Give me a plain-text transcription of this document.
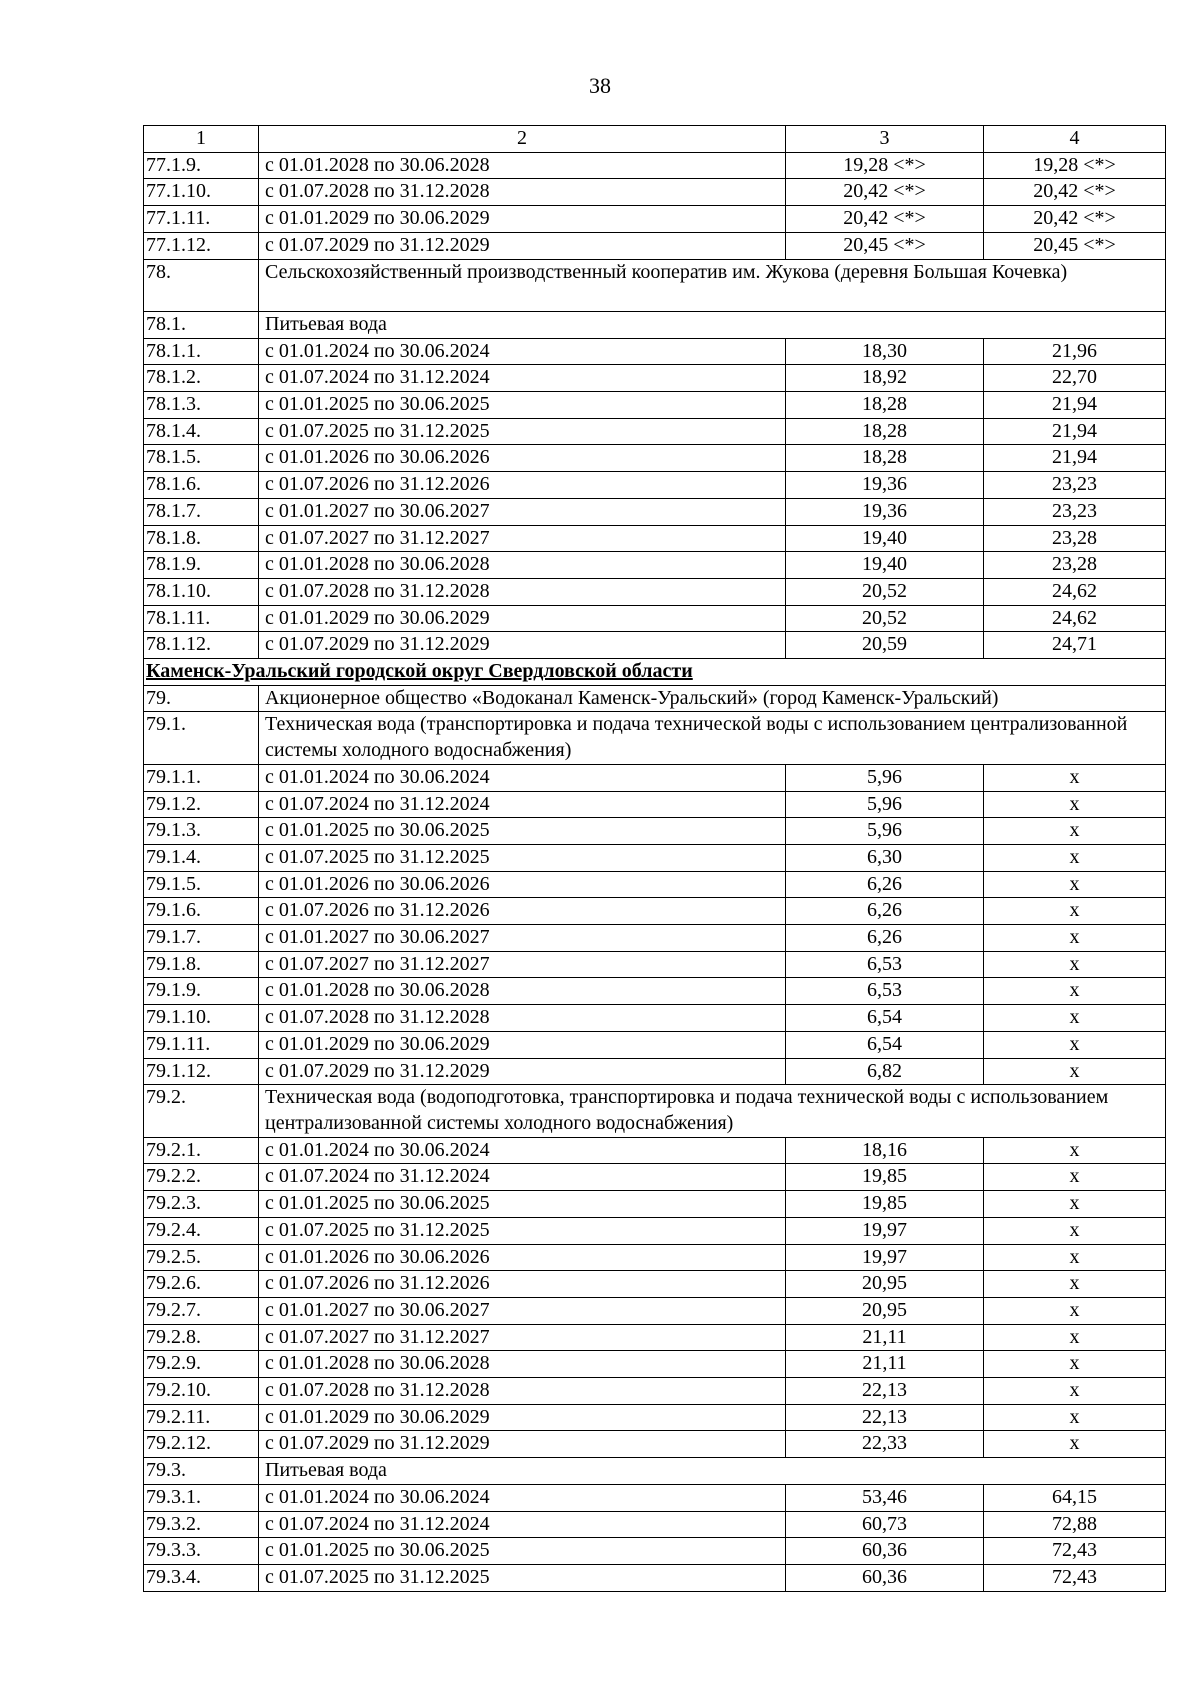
38
1	2	3	4
77.1.9.	с 01.01.2028 по 30.06.2028	19,28 <*>	19,28 <*>
77.1.10.	с 01.07.2028 по 31.12.2028	20,42 <*>	20,42 <*>
77.1.11.	с 01.01.2029 по 30.06.2029	20,42 <*>	20,42 <*>
77.1.12.	с 01.07.2029 по 31.12.2029	20,45 <*>	20,45 <*>
78.	Сельскохозяйственный производственный кооператив им. Жукова (деревня Большая Кочевка)		
78.1.	Питьевая вода		
78.1.1.	с 01.01.2024 по 30.06.2024	18,30	21,96
78.1.2.	с 01.07.2024 по 31.12.2024	18,92	22,70
78.1.3.	с 01.01.2025 по 30.06.2025	18,28	21,94
78.1.4.	с 01.07.2025 по 31.12.2025	18,28	21,94
78.1.5.	с 01.01.2026 по 30.06.2026	18,28	21,94
78.1.6.	с 01.07.2026 по 31.12.2026	19,36	23,23
78.1.7.	с 01.01.2027 по 30.06.2027	19,36	23,23
78.1.8.	с 01.07.2027 по 31.12.2027	19,40	23,28
78.1.9.	с 01.01.2028 по 30.06.2028	19,40	23,28
78.1.10.	с 01.07.2028 по 31.12.2028	20,52	24,62
78.1.11.	с 01.01.2029 по 30.06.2029	20,52	24,62
78.1.12.	с 01.07.2029 по 31.12.2029	20,59	24,71
Каменск-Уральский городской округ Свердловской области			
79.	Акционерное общество «Водоканал Каменск-Уральский» (город Каменск-Уральский)		
79.1.	Техническая вода (транспортировка и подача технической воды с использованием централизованной системы холодного водоснабжения)		
79.1.1.	с 01.01.2024 по 30.06.2024	5,96	х
79.1.2.	с 01.07.2024 по 31.12.2024	5,96	х
79.1.3.	с 01.01.2025 по 30.06.2025	5,96	х
79.1.4.	с 01.07.2025 по 31.12.2025	6,30	х
79.1.5.	с 01.01.2026 по 30.06.2026	6,26	х
79.1.6.	с 01.07.2026 по 31.12.2026	6,26	х
79.1.7.	с 01.01.2027 по 30.06.2027	6,26	х
79.1.8.	с 01.07.2027 по 31.12.2027	6,53	х
79.1.9.	с 01.01.2028 по 30.06.2028	6,53	х
79.1.10.	с 01.07.2028 по 31.12.2028	6,54	х
79.1.11.	с 01.01.2029 по 30.06.2029	6,54	х
79.1.12.	с 01.07.2029 по 31.12.2029	6,82	х
79.2.	Техническая вода (водоподготовка, транспортировка и подача технической воды с использованием централизованной системы холодного водоснабжения)		
79.2.1.	с 01.01.2024 по 30.06.2024	18,16	х
79.2.2.	с 01.07.2024 по 31.12.2024	19,85	х
79.2.3.	с 01.01.2025 по 30.06.2025	19,85	х
79.2.4.	с 01.07.2025 по 31.12.2025	19,97	х
79.2.5.	с 01.01.2026 по 30.06.2026	19,97	х
79.2.6.	с 01.07.2026 по 31.12.2026	20,95	х
79.2.7.	с 01.01.2027 по 30.06.2027	20,95	х
79.2.8.	с 01.07.2027 по 31.12.2027	21,11	х
79.2.9.	с 01.01.2028 по 30.06.2028	21,11	х
79.2.10.	с 01.07.2028 по 31.12.2028	22,13	х
79.2.11.	с 01.01.2029 по 30.06.2029	22,13	х
79.2.12.	с 01.07.2029 по 31.12.2029	22,33	х
79.3.	Питьевая вода		
79.3.1.	с 01.01.2024 по 30.06.2024	53,46	64,15
79.3.2.	с 01.07.2024 по 31.12.2024	60,73	72,88
79.3.3.	с 01.01.2025 по 30.06.2025	60,36	72,43
79.3.4.	с 01.07.2025 по 31.12.2025	60,36	72,43
